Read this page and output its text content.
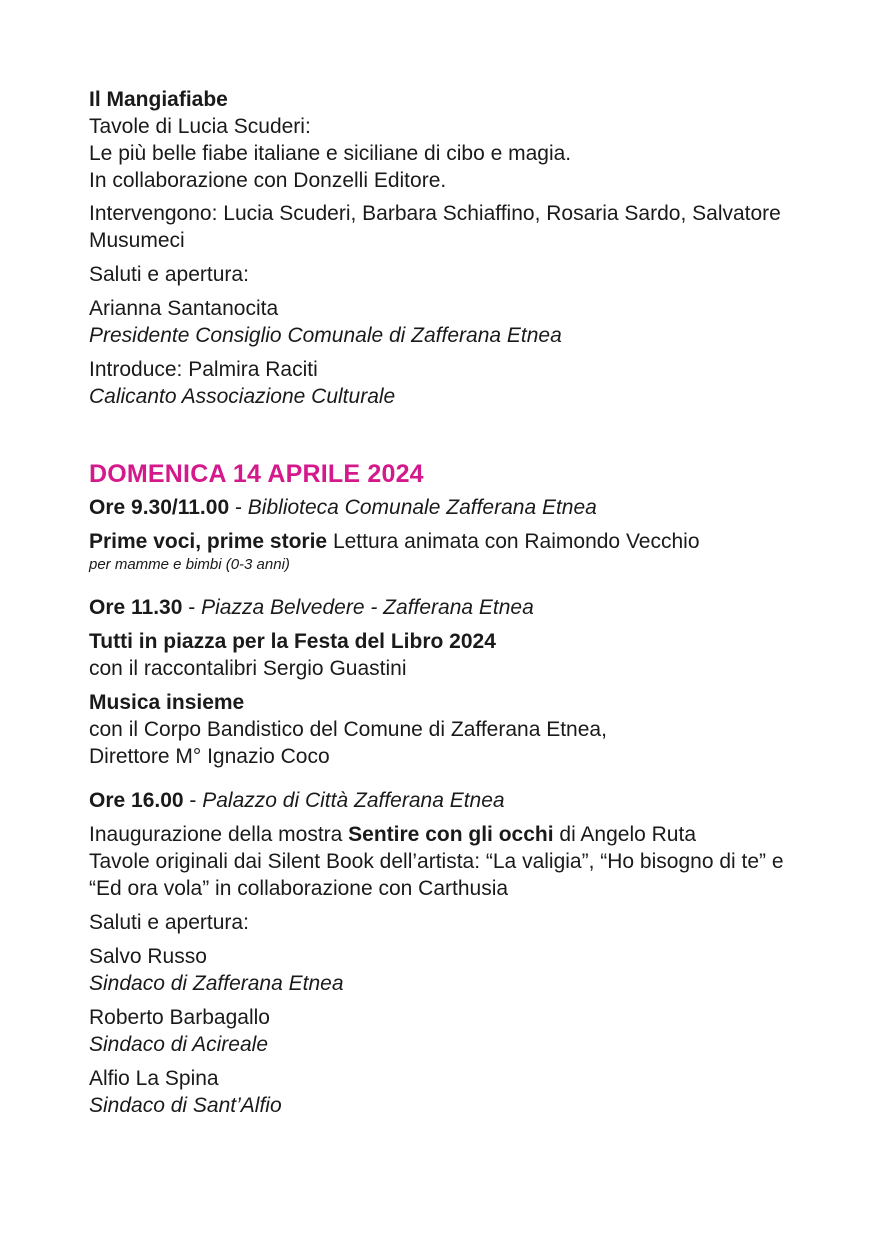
Il Mangiafiabe
Tavole di Lucia Scuderi:
Le più belle fiabe italiane e siciliane di cibo e magia.
In collaborazione con Donzelli Editore.
Intervengono: Lucia Scuderi, Barbara Schiaffino, Rosaria Sardo, Salvatore Musumeci
Saluti e apertura:
Arianna Santanocita
Presidente Consiglio Comunale di Zafferana Etnea
Introduce: Palmira Raciti
Calicanto Associazione Culturale
DOMENICA 14 APRILE 2024
Ore 9.30/11.00 - Biblioteca Comunale Zafferana Etnea
Prime voci, prime storie Lettura animata con Raimondo Vecchio
per mamme e bimbi (0-3 anni)
Ore 11.30 - Piazza Belvedere - Zafferana Etnea
Tutti in piazza per la Festa del Libro 2024
con il raccontalibri Sergio Guastini
Musica insieme
con il Corpo Bandistico del Comune di Zafferana Etnea,
Direttore M° Ignazio Coco
Ore 16.00 - Palazzo di Città Zafferana Etnea
Inaugurazione della mostra Sentire con gli occhi di Angelo Ruta
Tavole originali dai Silent Book dell’artista: “La valigia”, “Ho bisogno di te” e “Ed ora vola” in collaborazione con Carthusia
Saluti e apertura:
Salvo Russo
Sindaco di Zafferana Etnea
Roberto Barbagallo
Sindaco di Acireale
Alfio La Spina
Sindaco di Sant’Alfio
